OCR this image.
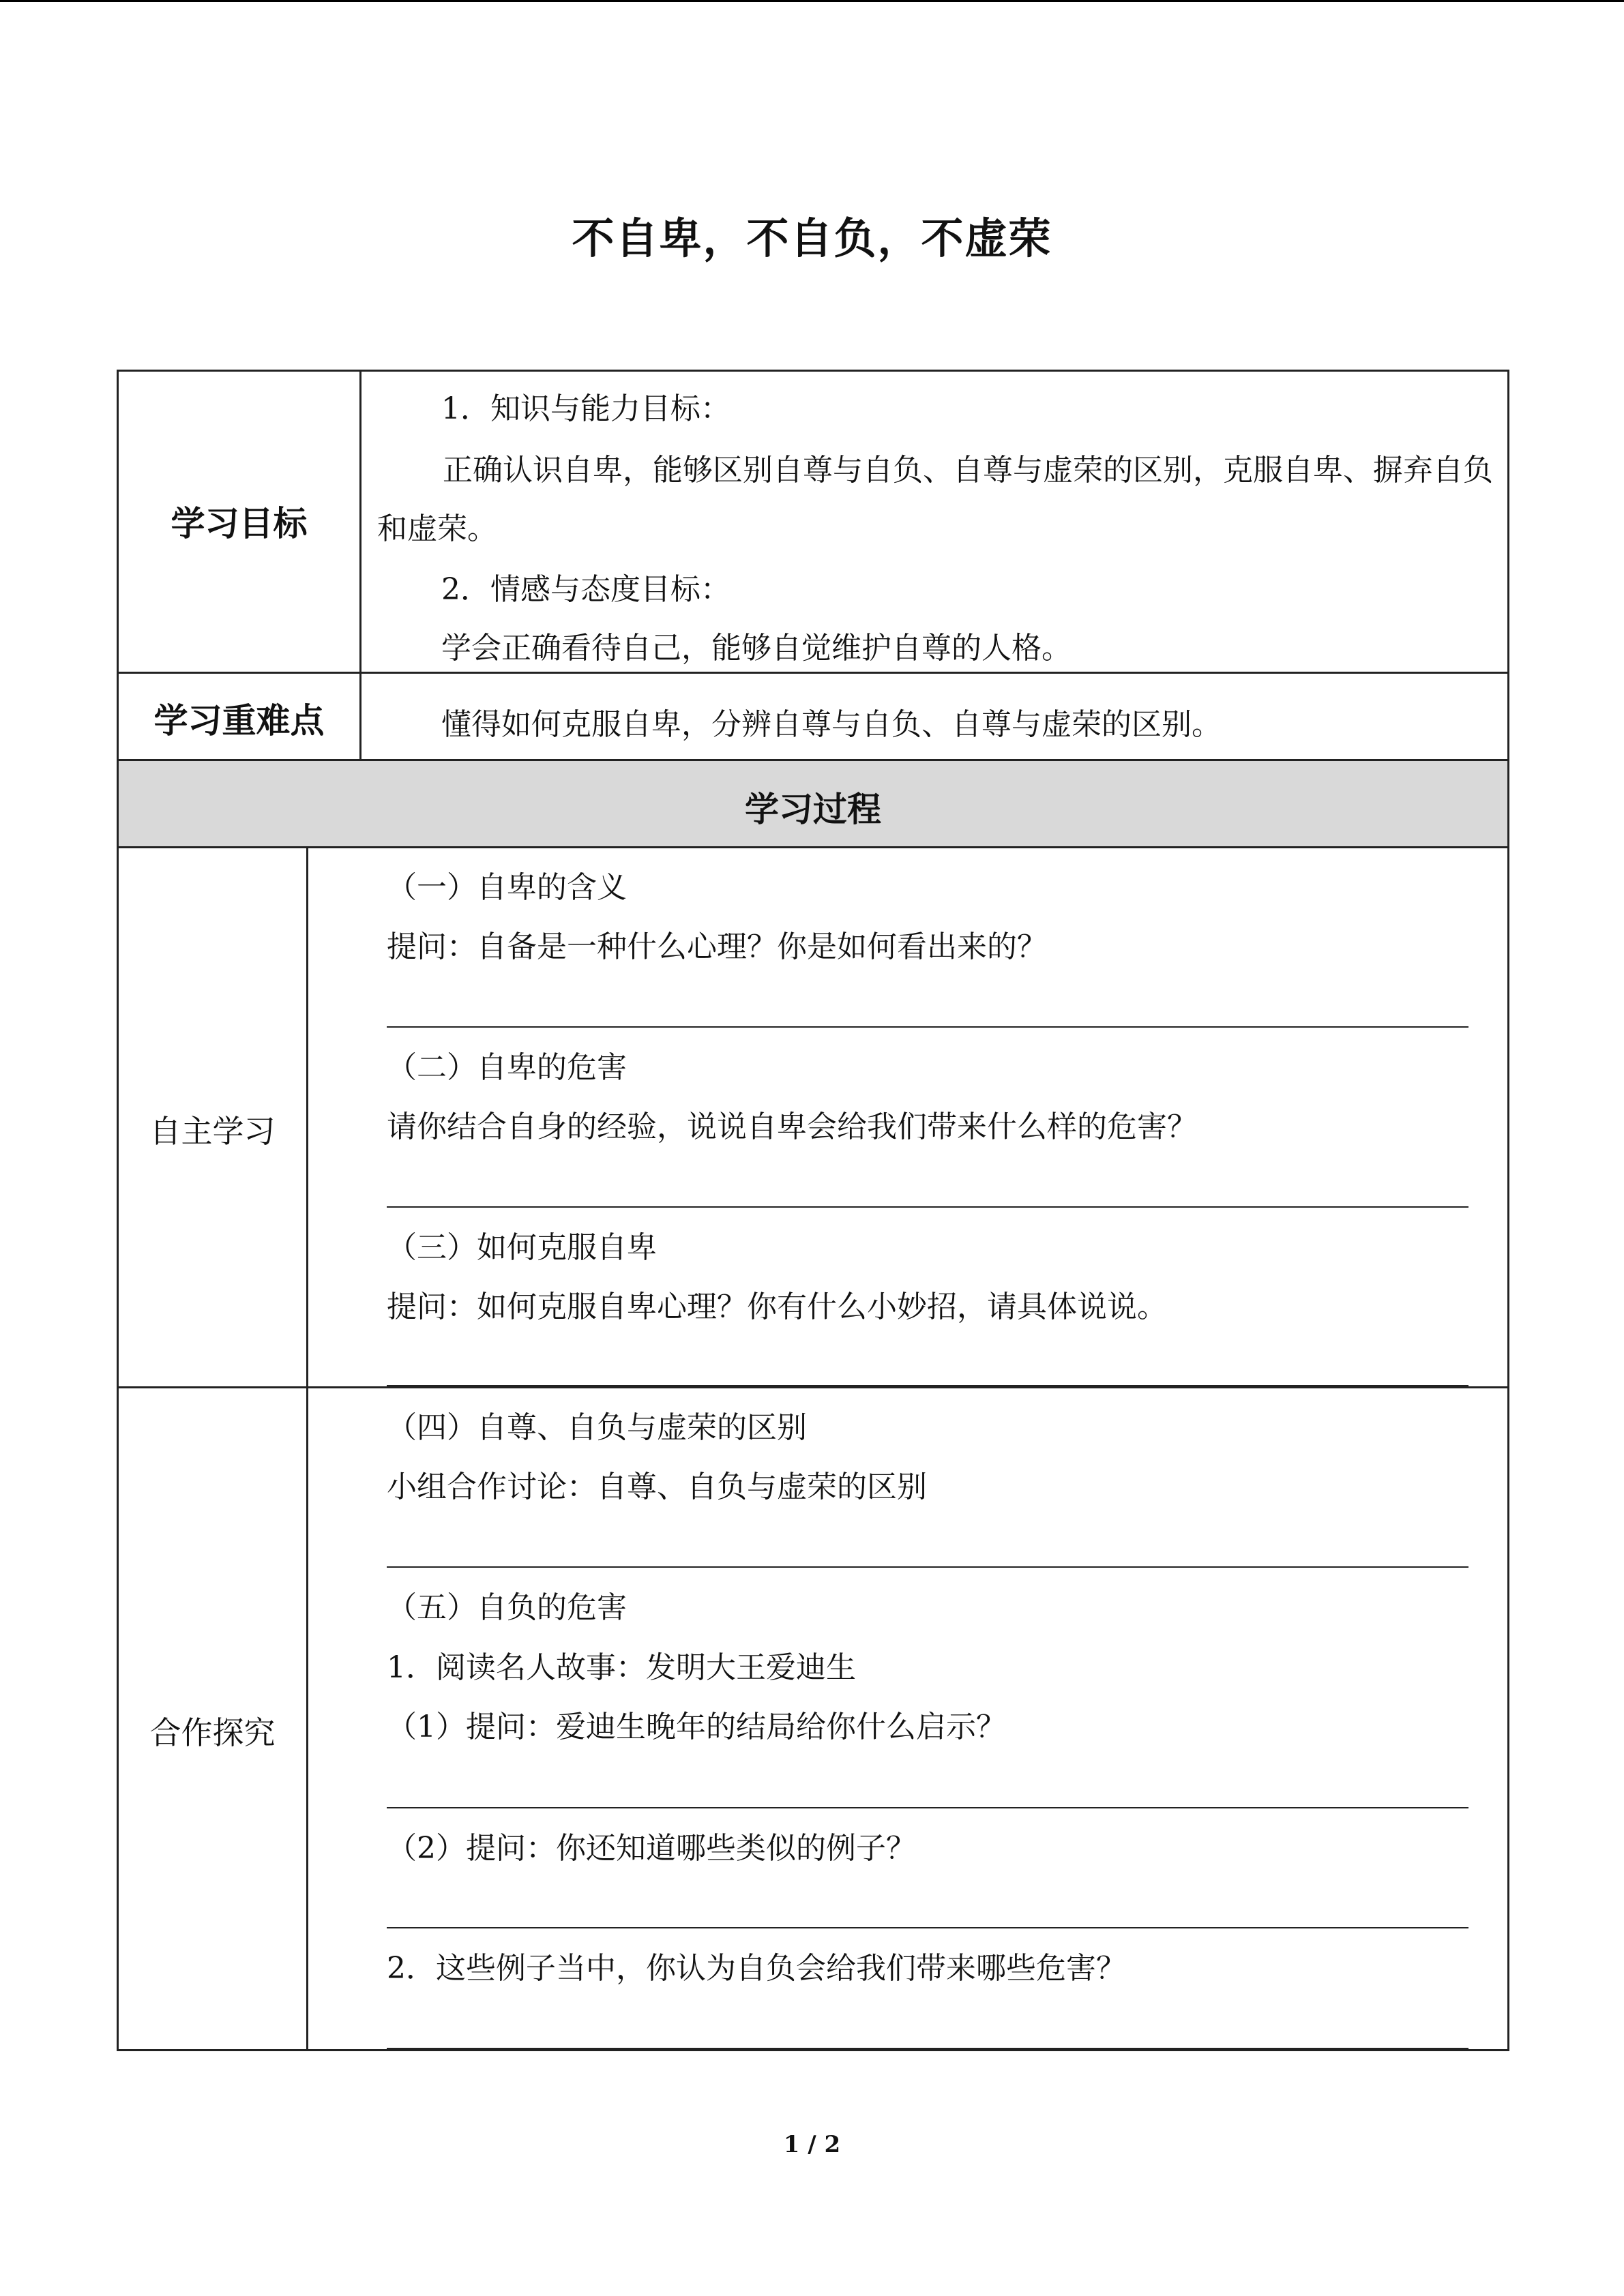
不自卑，不自负，不虚荣
学习目标
1．知识与能力目标：
正确认识自卑，能够区别自尊与自负、自尊与虚荣的区别，克服自卑、摒弃自负和虚荣。
2．情感与态度目标：
学会正确看待自己，能够自觉维护自尊的人格。
学习重难点	懂得如何克服自卑，分辨自尊与自负、自尊与虚荣的区别。
学习过程
自主学习
（一）自卑的含义
提问：自备是一种什么心理？你是如何看出来的？
（二）自卑的危害
请你结合自身的经验，说说自卑会给我们带来什么样的危害？
（三）如何克服自卑
提问：如何克服自卑心理？你有什么小妙招，请具体说说。
合作探究
（四）自尊、自负与虚荣的区别
小组合作讨论：自尊、自负与虚荣的区别
（五）自负的危害
1．阅读名人故事：发明大王爱迪生
（1）提问：爱迪生晚年的结局给你什么启示？
（2）提问：你还知道哪些类似的例子？
2．这些例子当中，你认为自负会给我们带来哪些危害？
1 / 2
